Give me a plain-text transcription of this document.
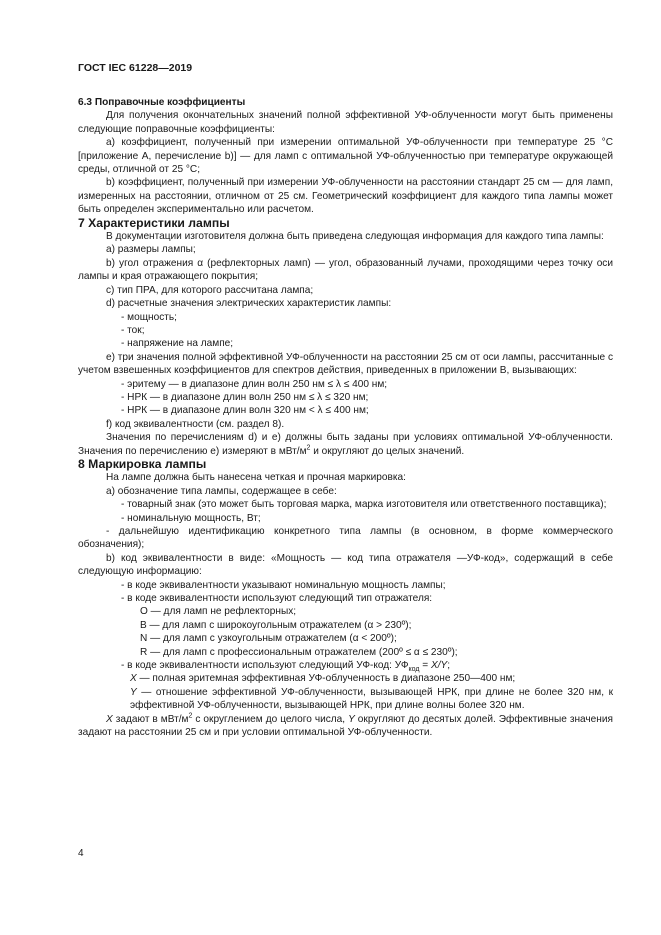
ГОСТ IEC 61228—2019

6.3 Поправочные коэффициенты

Для получения окончательных значений полной эффективной УФ-облученности могут быть применены следующие поправочные коэффициенты:

a) коэффициент, полученный при измерении оптимальной УФ-облученности при температуре 25 °С [приложение А, перечисление b)] — для ламп с оптимальной УФ-облученностью при температуре окружающей среды, отличной от 25 °С;

b) коэффициент, полученный при измерении УФ-облученности на расстоянии стандарт 25 см — для ламп, измеренных на расстоянии, отличном от 25 см. Геометрический коэффициент для каждого типа лампы может быть определен экспериментально или расчетом.

7 Характеристики лампы

В документации изготовителя должна быть приведена следующая информация для каждого типа лампы:

a) размеры лампы;

b) угол отражения α (рефлекторных ламп) — угол, образованный лучами, проходящими через точку оси лампы и края отражающего покрытия;

c) тип ПРА, для которого рассчитана лампа;

d) расчетные значения электрических характеристик лампы:

- мощность;

- ток;

- напряжение на лампе;

e) три значения полной эффективной УФ-облученности на расстоянии 25 см от оси лампы, рассчитанные с учетом взвешенных коэффициентов для спектров действия, приведенных в приложении В, вызывающих:

- эритему — в диапазоне длин волн 250 нм ≤ λ ≤ 400 нм;

- НРК — в диапазоне длин волн 250 нм ≤ λ ≤ 320 нм;

- НРК — в диапазоне длин волн 320 нм < λ ≤ 400 нм;

f) код эквивалентности (см. раздел 8).

Значения по перечислениям d) и е) должны быть заданы при условиях оптимальной УФ-облученности. Значения по перечислению е) измеряют в мВт/$м^2$ и округляют до целых значений.

8 Маркировка лампы

На лампе должна быть нанесена четкая и прочная маркировка:

a) обозначение типа лампы, содержащее в себе:

- товарный знак (это может быть торговая марка, марка изготовителя или ответственного поставщика);

- номинальную мощность, Вт;

- дальнейшую идентификацию конкретного типа лампы (в основном, в форме коммерческого обозначения);

b) код эквивалентности в виде: «Мощность — код типа отражателя —УФ-код», содержащий в себе следующую информацию:

- в коде эквивалентности указывают номинальную мощность лампы;

- в коде эквивалентности используют следующий тип отражателя:

О — для ламп не рефлекторных;

В — для ламп с широкоугольным отражателем (α > 230º);

N — для ламп с узкоугольным отражателем (α < 200º);

R — для ламп с профессиональным отражателем (200º ≤ α ≤ 230º);

- в коде эквивалентности используют следующий УФ-код: $УФ_{код} = X/Y$;

X — полная эритемная эффективная УФ-облученность в диапазоне 250—400 нм;

Y — отношение эффективной УФ-облученности, вызывающей НРК, при длине не более 320 нм, к эффективной УФ-облученности, вызывающей НРК, при длине волны более 320 нм.

X задают в мВт/$м^2$ с округлением до целого числа, Y округляют до десятых долей. Эффективные значения задают на расстоянии 25 см и при условии оптимальной УФ-облученности.

4
